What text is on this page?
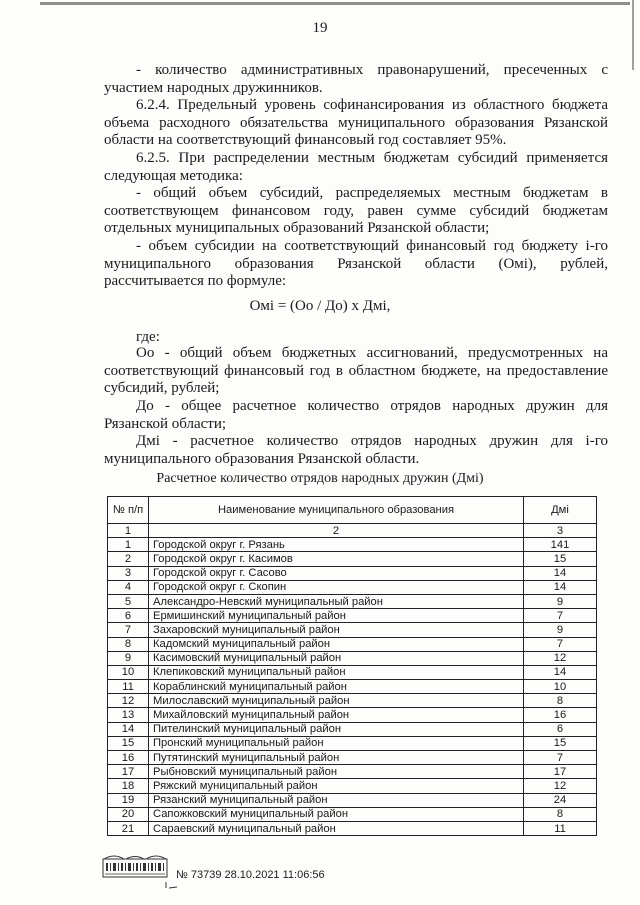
19
- количество административных правонарушений, пресеченных с участием народных дружинников.
6.2.4. Предельный уровень софинансирования из областного бюджета объема расходного обязательства муниципального образования Рязанской области на соответствующий финансовый год составляет 95%.
6.2.5. При распределении местным бюджетам субсидий применяется следующая методика:
- общий объем субсидий, распределяемых местным бюджетам в соответствующем финансовом году, равен сумме субсидий бюджетам отдельных муниципальных образований Рязанской области;
- объем субсидии на соответствующий финансовый год бюджету i-го муниципального образования Рязанской области (Омi), рублей, рассчитывается по формуле:
Омi = (Оо / До) х Дмi,
где:
Оо - общий объем бюджетных ассигнований, предусмотренных на соответствующий финансовый год в областном бюджете, на предоставление субсидий, рублей;
До - общее расчетное количество отрядов народных дружин для Рязанской области;
Дмi - расчетное количество отрядов народных дружин для i-го муниципального образования Рязанской области.
Расчетное количество отрядов народных дружин (Дмi)
№ п/п	Наименование муниципального образования	Дмi
1	2	3
1	Городской округ г. Рязань	141
2	Городской округ г. Касимов	15
3	Городской округ г. Сасово	14
4	Городской округ г. Скопин	14
5	Александро-Невский муниципальный район	9
6	Ермишинский муниципальный район	7
7	Захаровский муниципальный район	9
8	Кадомский муниципальный район	7
9	Касимовский муниципальный район	12
10	Клепиковский муниципальный район	14
11	Кораблинский муниципальный район	10
12	Милославский муниципальный район	8
13	Михайловский муниципальный район	16
14	Пителинский муниципальный район	6
15	Пронский муниципальный район	15
16	Путятинский муниципальный район	7
17	Рыбновский муниципальный район	17
18	Ряжский муниципальный район	12
19	Рязанский муниципальный район	24
20	Сапожковский муниципальный район	8
21	Сараевский муниципальный район	11
№ 73739 28.10.2021 11:06:56
